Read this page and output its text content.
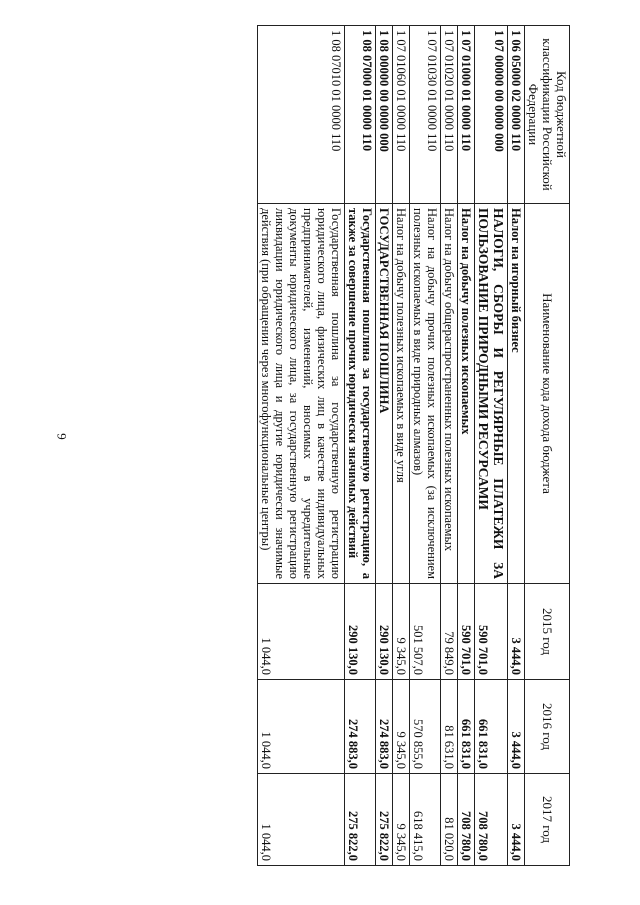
6
Код бюджетной классификации Российской Федерации	Наименование кода дохода бюджета	2015 год	2016 год	2017 год
1 06 05000 02 0000 110	Налог на игорный бизнес	3 444,0	3 444,0	3 444,0
1 07 00000 00 0000 000	НАЛОГИ, СБОРЫ И РЕГУЛЯРНЫЕ ПЛАТЕЖИ ЗА ПОЛЬЗОВАНИЕ ПРИРОДНЫМИ РЕСУРСАМИ	590 701,0	661 831,0	708 780,0
1 07 01000 01 0000 110	Налог на добычу полезных ископаемых	590 701,0	661 831,0	708 780,0
1 07 01020 01 0000 110	Налог на добычу общераспространенных полезных ископаемых	79 849,0	81 631,0	81 020,0
1 07 01030 01 0000 110	Налог на добычу прочих полезных ископаемых (за исключением полезных ископаемых в виде природных алмазов)	501 507,0	570 855,0	618 415,0
1 07 01060 01 0000 110	Налог на добычу полезных ископаемых в виде угля	9 345,0	9 345,0	9 345,0
1 08 00000 00 0000 000	ГОСУДАРСТВЕННАЯ ПОШЛИНА	290 130,0	274 883,0	275 822,0
1 08 07000 01 0000 110	Государственная пошлина за государственную регистрацию, а также за совершение прочих юридически значимых действий	290 130,0	274 883,0	275 822,0
1 08 07010 01 0000 110	Государственная пошлина за государственную регистрацию юридического лица, физических лиц в качестве индивидуальных предпринимателей, изменений, вносимых в учредительные документы юридического лица, за государственную регистрацию ликвидации юридического лица и другие юридически значимые действия (при обращении через многофункциональные центры)	1 044,0	1 044,0	1 044,0
